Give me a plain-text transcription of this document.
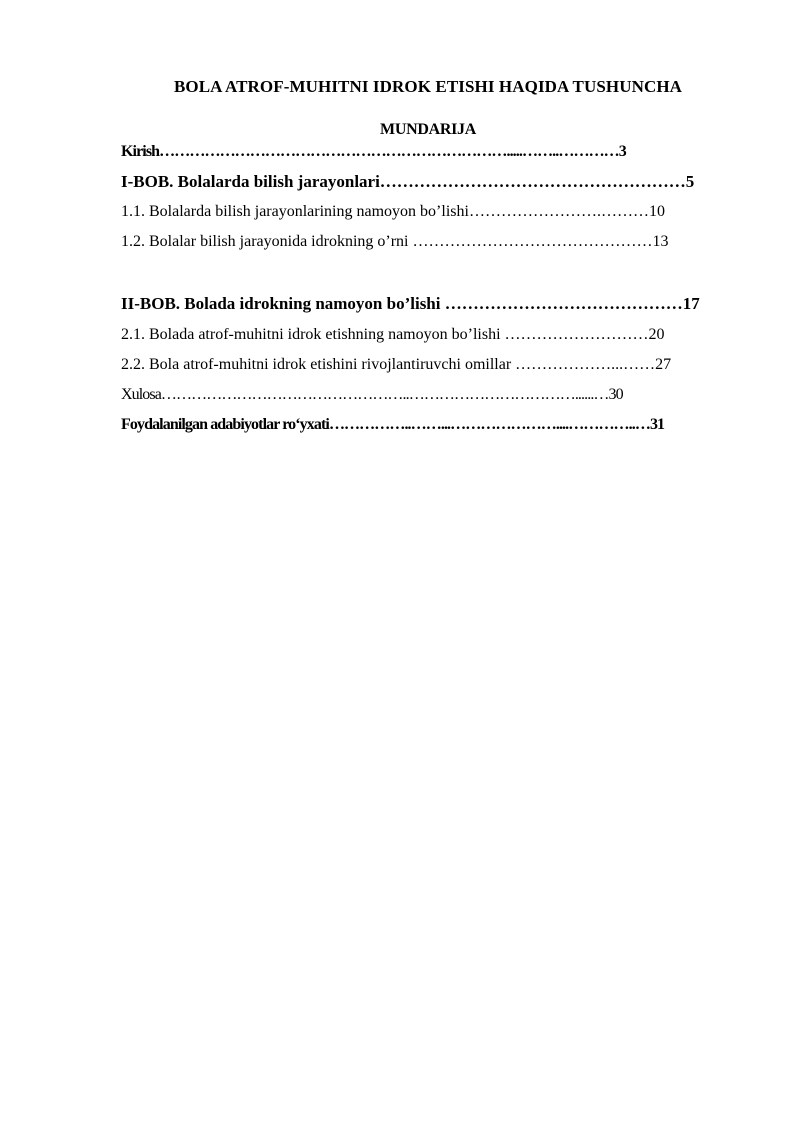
BOLA ATROF-MUHITNI IDROK ETISHI HAQIDA TUSHUNCHA
MUNDARIJA
Kirish…………………………………………………………….....……..…………3
I-BOB. Bolalarda bilish jarayonlari………………………………………………5
1.1. Bolalarda bilish jarayonlarining namoyon bo’lishi…………………….………10
1.2. Bolalar bilish jarayonida idrokning o’rni ………………………………………13
II-BOB. Bolada idrokning namoyon bo’lishi ……………………………………17
2.1. Bolada atrof-muhitni idrok etishning namoyon bo’lishi ………………………20
2.2. Bola atrof-muhitni idrok etishini rivojlantiruvchi omillar ………………...……27
Xulosa…………………………………………..……………………………......…30
Foydalanilgan adabiyotlar ro‘yxati……………..……...…………………....…………..…31
